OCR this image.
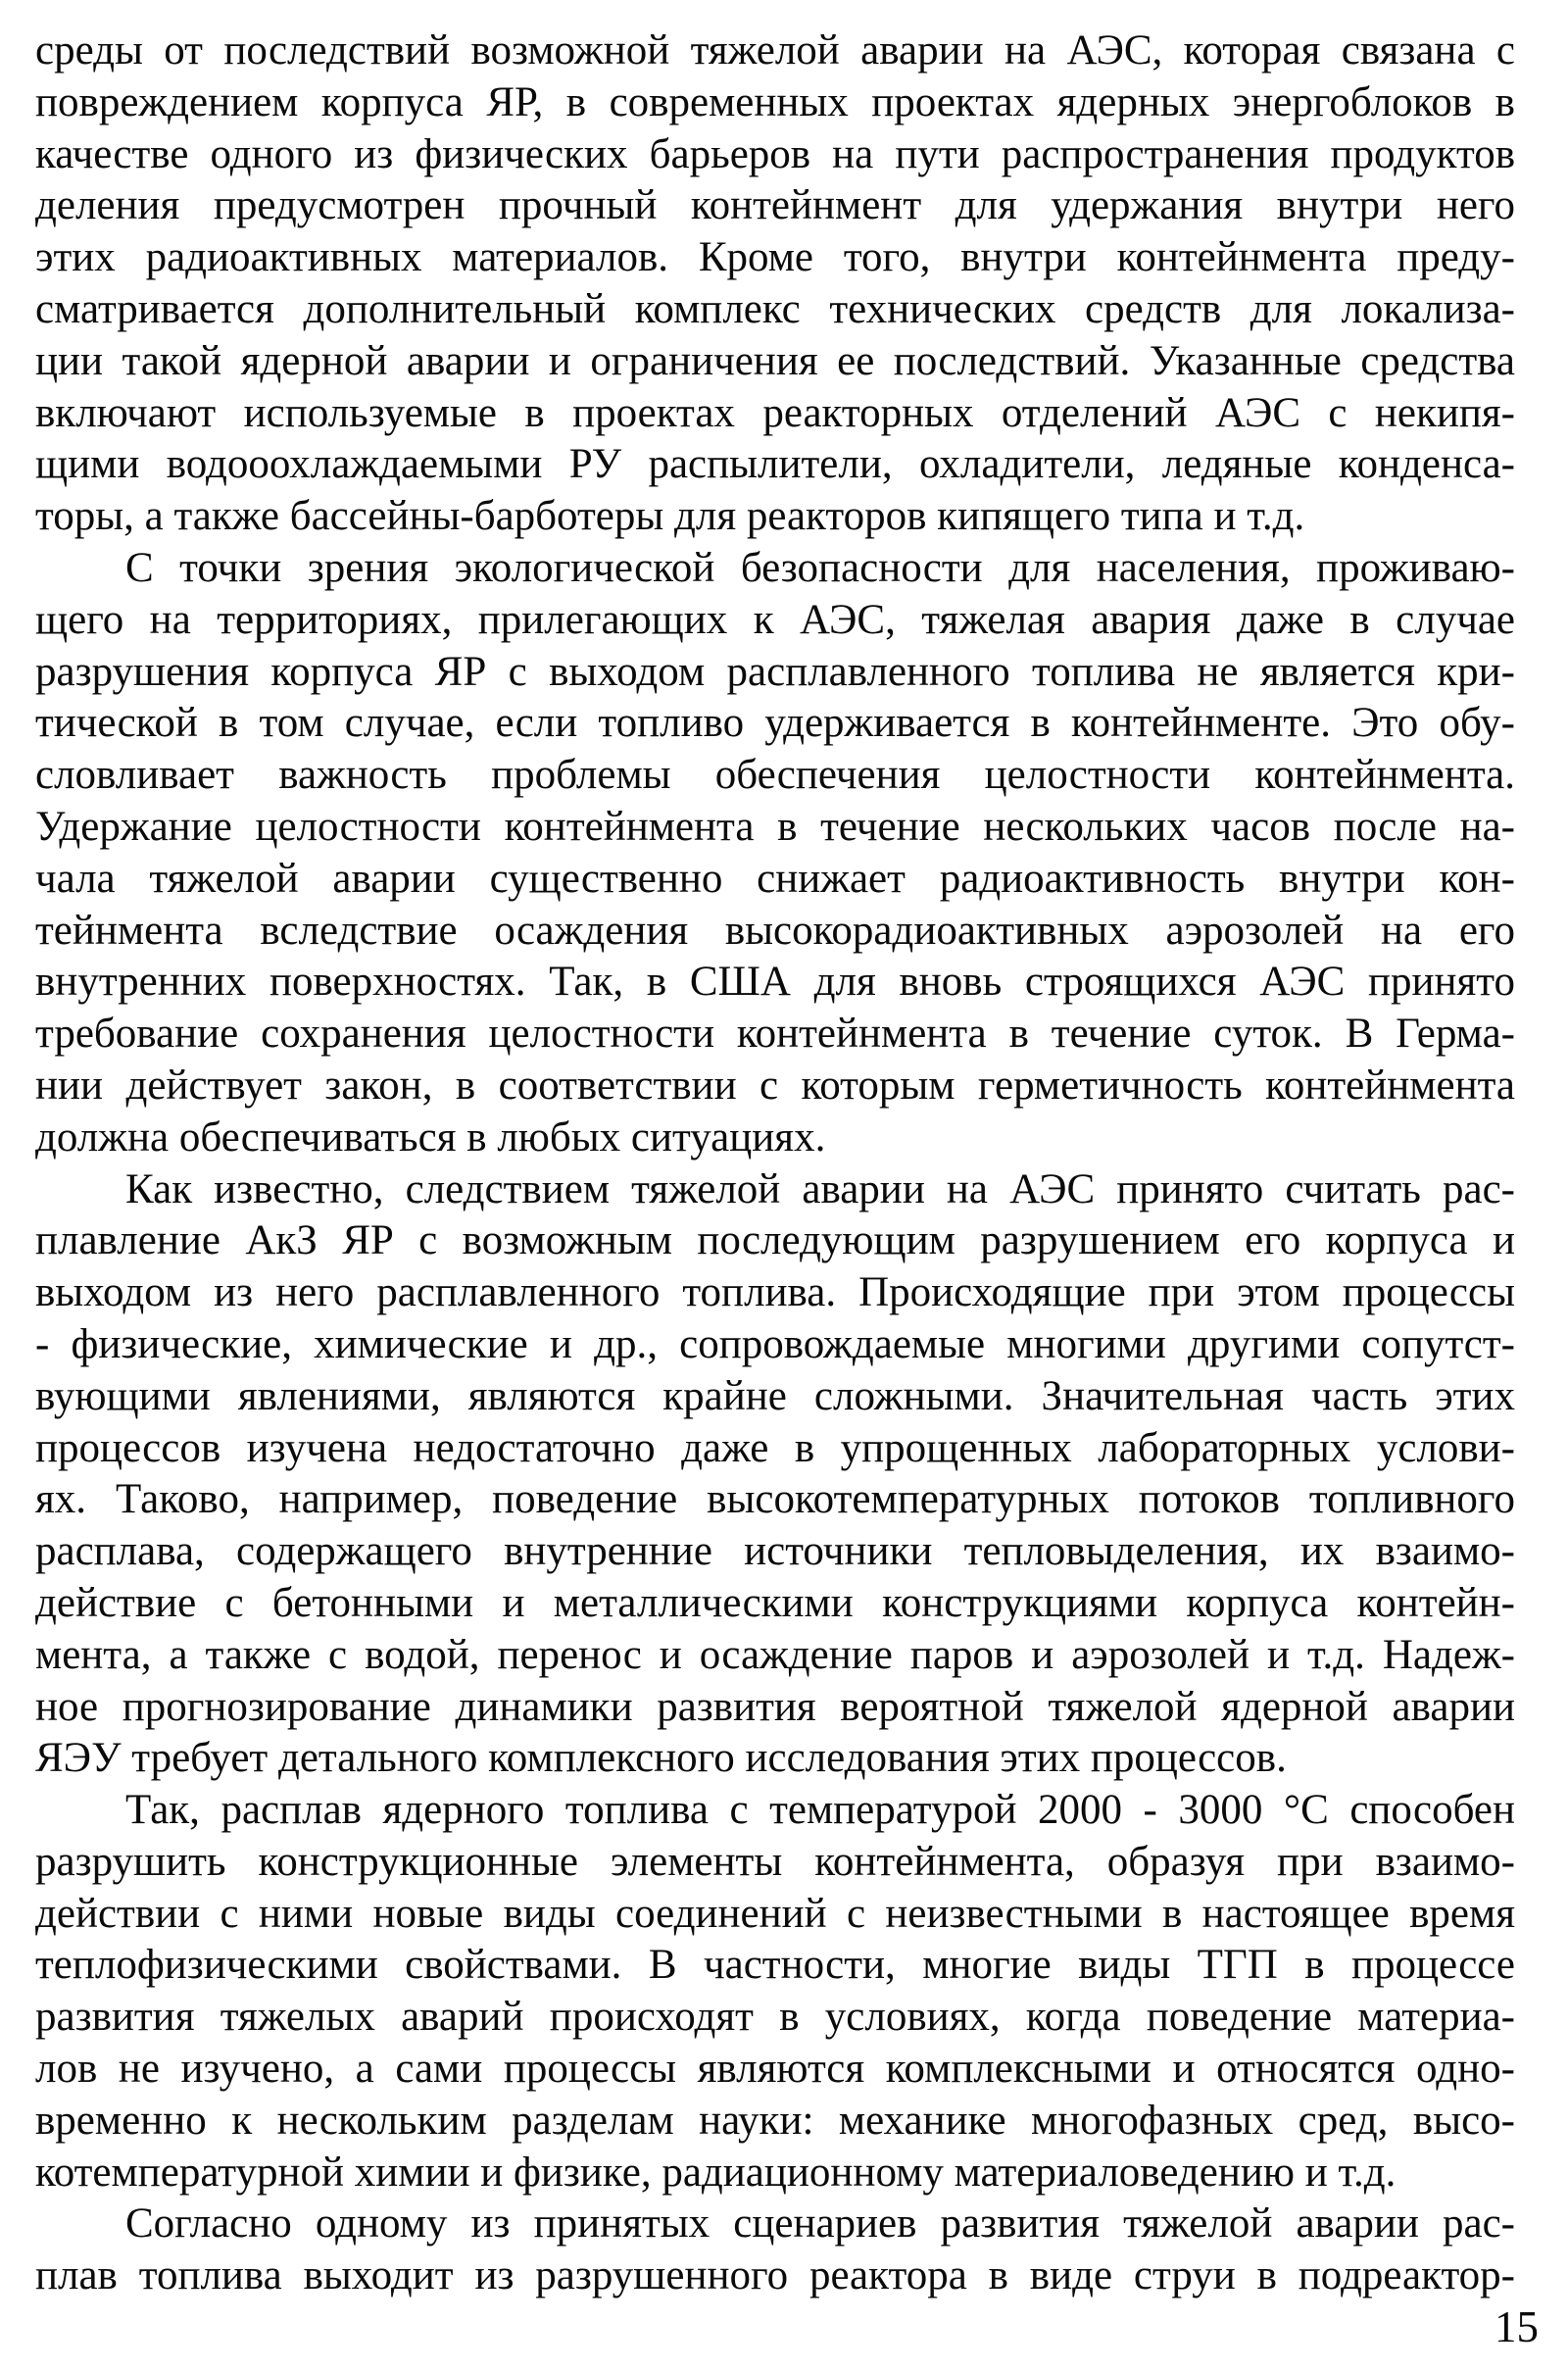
среды от последствий возможной тяжелой аварии на АЭС, которая связана с
повреждением корпуса ЯР, в современных проектах ядерных энергоблоков в
качестве одного из физических барьеров на пути распространения продуктов
деления предусмотрен прочный контейнмент для удержания внутри него
этих радиоактивных материалов. Кроме того, внутри контейнмента преду-
сматривается дополнительный комплекс технических средств для локализа-
ции такой ядерной аварии и ограничения ее последствий. Указанные средства
включают используемые в проектах реакторных отделений АЭС с некипя-
щими водооохлаждаемыми РУ распылители, охладители, ледяные конденса-
торы, а также бассейны-барботеры для реакторов кипящего типа и т.д.
С точки зрения экологической безопасности для населения, проживаю-
щего на территориях, прилегающих к АЭС, тяжелая авария даже в случае
разрушения корпуса ЯР с выходом расплавленного топлива не является кри-
тической в том случае, если топливо удерживается в контейнменте. Это обу-
словливает важность проблемы обеспечения целостности контейнмента.
Удержание целостности контейнмента в течение нескольких часов после на-
чала тяжелой аварии существенно снижает радиоактивность внутри кон-
тейнмента вследствие осаждения высокорадиоактивных аэрозолей на его
внутренних поверхностях. Так, в США для вновь строящихся АЭС принято
требование сохранения целостности контейнмента в течение суток. В Герма-
нии действует закон, в соответствии с которым герметичность контейнмента
должна обеспечиваться в любых ситуациях.
Как известно, следствием тяжелой аварии на АЭС принято считать рас-
плавление АкЗ ЯР с возможным последующим разрушением его корпуса и
выходом из него расплавленного топлива. Происходящие при этом процессы
- физические, химические и др., сопровождаемые многими другими сопутст-
вующими явлениями, являются крайне сложными. Значительная часть этих
процессов изучена недостаточно даже в упрощенных лабораторных услови-
ях. Таково, например, поведение высокотемпературных потоков топливного
расплава, содержащего внутренние источники тепловыделения, их взаимо-
действие с бетонными и металлическими конструкциями корпуса контейн-
мента, а также с водой, перенос и осаждение паров и аэрозолей и т.д. Надеж-
ное прогнозирование динамики развития вероятной тяжелой ядерной аварии
ЯЭУ требует детального комплексного исследования этих процессов.
Так, расплав ядерного топлива с температурой 2000 - 3000 °С способен
разрушить конструкционные элементы контейнмента, образуя при взаимо-
действии с ними новые виды соединений с неизвестными в настоящее время
теплофизическими свойствами. В частности, многие виды ТГП в процессе
развития тяжелых аварий происходят в условиях, когда поведение материа-
лов не изучено, а сами процессы являются комплексными и относятся одно-
временно к нескольким разделам науки: механике многофазных сред, высо-
котемпературной химии и физике, радиационному материаловедению и т.д.
Согласно одному из принятых сценариев развития тяжелой аварии рас-
плав топлива выходит из разрушенного реактора в виде струи в подреактор-
15
